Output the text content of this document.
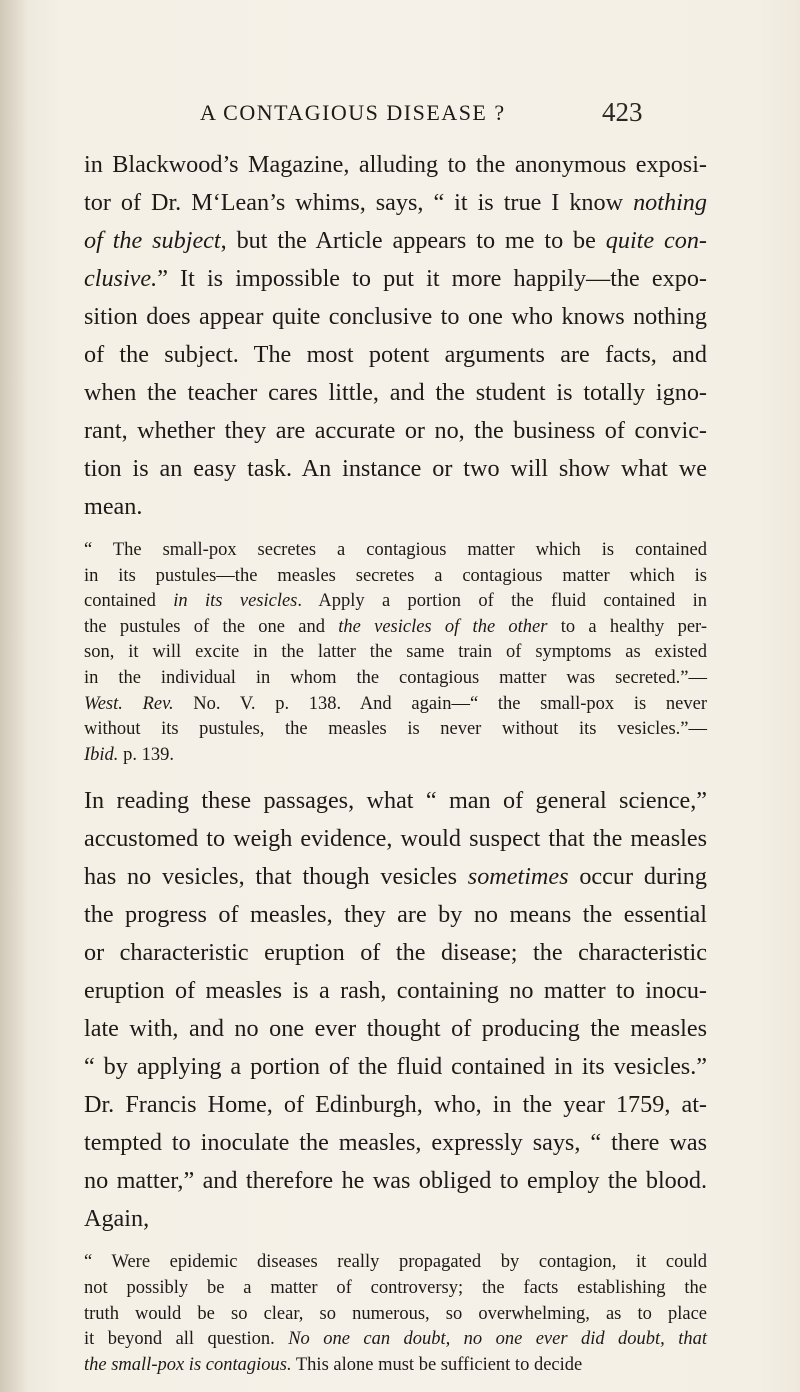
A CONTAGIOUS DISEASE ?	423
in Blackwood’s Magazine, alluding to the anonymous exposi-
tor of Dr. M‘Lean’s whims, says, “ it is true I know nothing
of the subject, but the Article appears to me to be quite con-
clusive.” It is impossible to put it more happily—the expo-
sition does appear quite conclusive to one who knows nothing
of the subject. The most potent arguments are facts, and
when the teacher cares little, and the student is totally igno-
rant, whether they are accurate or no, the business of convic-
tion is an easy task. An instance or two will show what we
mean.
“ The small-pox secretes a contagious matter which is contained
in its pustules—the measles secretes a contagious matter which is
contained in its vesicles. Apply a portion of the fluid contained in
the pustules of the one and the vesicles of the other to a healthy per-
son, it will excite in the latter the same train of symptoms as existed
in the individual in whom the contagious matter was secreted.”—
West. Rev. No. V. p. 138. And again—“ the small-pox is never
without its pustules, the measles is never without its vesicles.”—
Ibid. p. 139.
In reading these passages, what “ man of general science,”
accustomed to weigh evidence, would suspect that the measles
has no vesicles, that though vesicles sometimes occur during
the progress of measles, they are by no means the essential
or characteristic eruption of the disease; the characteristic
eruption of measles is a rash, containing no matter to inocu-
late with, and no one ever thought of producing the measles
“ by applying a portion of the fluid contained in its vesicles.”
Dr. Francis Home, of Edinburgh, who, in the year 1759, at-
tempted to inoculate the measles, expressly says, “ there was
no matter,” and therefore he was obliged to employ the blood.
Again,
“ Were epidemic diseases really propagated by contagion, it could
not possibly be a matter of controversy; the facts establishing the
truth would be so clear, so numerous, so overwhelming, as to place
it beyond all question. No one can doubt, no one ever did doubt, that
the small-pox is contagious. This alone must be sufficient to decide
